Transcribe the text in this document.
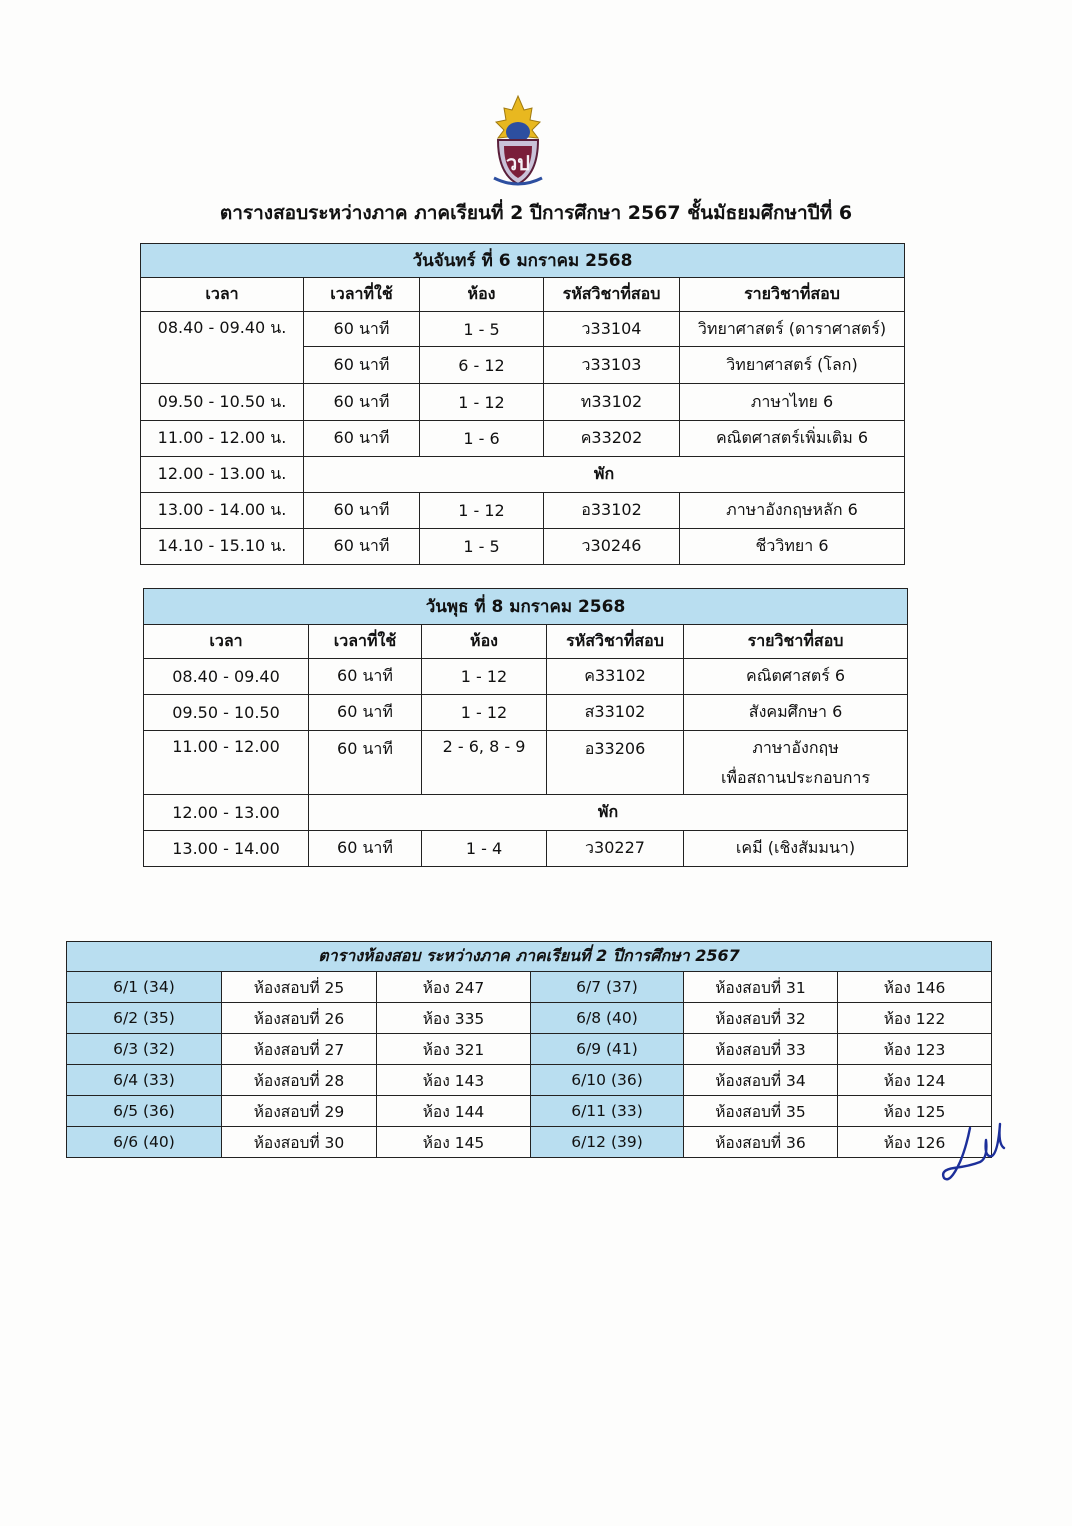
วป
ตารางสอบระหว่างภาค ภาคเรียนที่ 2 ปีการศึกษา 2567 ชั้นมัธยมศึกษาปีที่ 6
วันจันทร์ ที่ 6 มกราคม 2568				
เวลา	เวลาที่ใช้	ห้อง	รหัสวิชาที่สอบ	รายวิชาที่สอบ
08.40 - 09.40 น.	60 นาที	1 - 5	ว33104	วิทยาศาสตร์ (ดาราศาสตร์)
	60 นาที	6 - 12	ว33103	วิทยาศาสตร์ (โลก)
09.50 - 10.50 น.	60 นาที	1 - 12	ท33102	ภาษาไทย 6
11.00 - 12.00 น.	60 นาที	1 - 6	ค33202	คณิตศาสตร์เพิ่มเติม 6
12.00 - 13.00 น.	พัก			
13.00 - 14.00 น.	60 นาที	1 - 12	อ33102	ภาษาอังกฤษหลัก 6
14.10 - 15.10 น.	60 นาที	1 - 5	ว30246	ชีววิทยา 6
วันพุธ ที่ 8 มกราคม 2568				
เวลา	เวลาที่ใช้	ห้อง	รหัสวิชาที่สอบ	รายวิชาที่สอบ
08.40 - 09.40	60 นาที	1 - 12	ค33102	คณิตศาสตร์ 6
09.50 - 10.50	60 นาที	1 - 12	ส33102	สังคมศึกษา 6
11.00 - 12.00	60 นาที	2 - 6, 8 - 9	อ33206	ภาษาอังกฤษ
เพื่อสถานประกอบการ

12.00 - 13.00	พัก			
13.00 - 14.00	60 นาที	1 - 4	ว30227	เคมี (เชิงสัมมนา)
ตารางห้องสอบ ระหว่างภาค ภาคเรียนที่ 2 ปีการศึกษา 2567					
6/1 (34)	ห้องสอบที่ 25	ห้อง 247	6/7 (37)	ห้องสอบที่ 31	ห้อง 146
6/2 (35)	ห้องสอบที่ 26	ห้อง 335	6/8 (40)	ห้องสอบที่ 32	ห้อง 122
6/3 (32)	ห้องสอบที่ 27	ห้อง 321	6/9 (41)	ห้องสอบที่ 33	ห้อง 123
6/4 (33)	ห้องสอบที่ 28	ห้อง 143	6/10 (36)	ห้องสอบที่ 34	ห้อง 124
6/5 (36)	ห้องสอบที่ 29	ห้อง 144	6/11 (33)	ห้องสอบที่ 35	ห้อง 125
6/6 (40)	ห้องสอบที่ 30	ห้อง 145	6/12 (39)	ห้องสอบที่ 36	ห้อง 126
